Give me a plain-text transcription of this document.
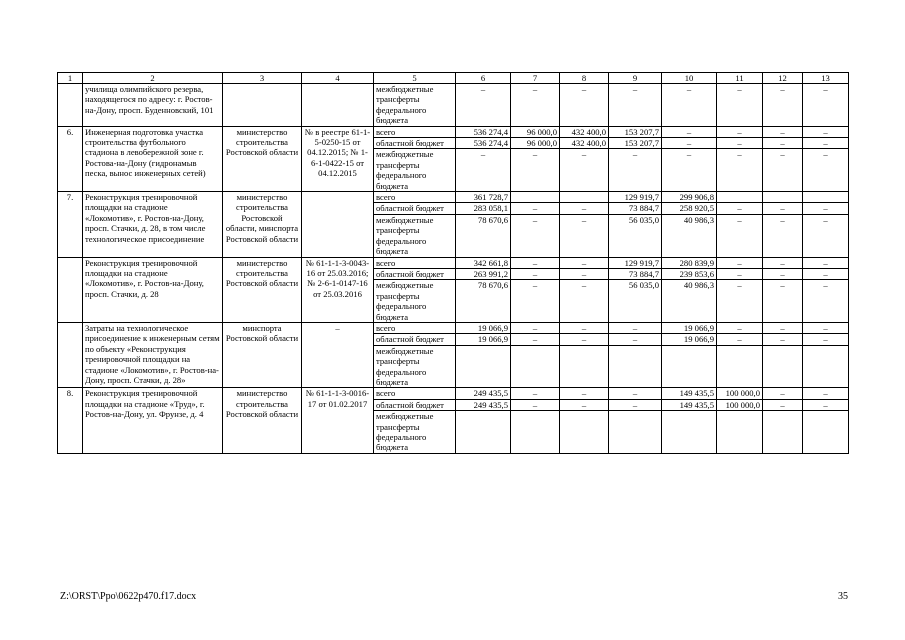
1	2	3	4	5	6	7	8	9	10	11	12	13
	училища олимпийского резерва, находящегося по адресу: г. Ростов-на-Дону, просп. Буденновский, 101			межбюджетные трансферты федерального бюджета	–	–	–	–	–	–	–	–
6.	Инженерная подготовка участка строительства футбольного стадиона в левобережной зоне г. Ростова-на-Дону (гидронамыв песка, вынос инженерных сетей)	министерство строительства Ростовской области	№ в реестре 61-1-5-0250-15 от 04.12.2015; № 1-6-1-0422-15 от 04.12.2015	всего	536 274,4	96 000,0	432 400,0	153 207,7	–	–	–	–
				областной бюджет	536 274,4	96 000,0	432 400,0	153 207,7	–	–	–	–
				межбюджетные трансферты федерального бюджета	–	–	–	–	–	–	–	–
7.	Реконструкция тренировочной площадки на стадионе «Локомотив», г. Ростов-на-Дону, просп. Стачки, д. 28, в том числе технологическое присоединение	министерство строительства Ростовской области, минспорта Ростовской области		всего	361 728,7			129 919,7	299 906,8			
				областной бюджет	283 058,1	–	–	73 884,7	258 920,5	–	–	–
				межбюджетные трансферты федерального бюджета	78 670,6	–	–	56 035,0	40 986,3	–	–	–
	Реконструкция тренировочной площадки на стадионе «Локомотив», г. Ростов-на-Дону, просп. Стачки, д. 28	министерство строительства Ростовской области	№ 61-1-1-3-0043-16 от 25.03.2016; № 2-6-1-0147-16 от 25.03.2016	всего	342 661,8	–	–	129 919,7	280 839,9	–	–	–
				областной бюджет	263 991,2	–	–	73 884,7	239 853,6	–	–	–
				межбюджетные трансферты федерального бюджета	78 670,6	–	–	56 035,0	40 986,3	–	–	–
	Затраты на технологическое присоединение к инженерным сетям по объекту «Реконструкция тренировочной площадки на стадионе «Локомотив», г. Ростов-на-Дону, просп. Стачки, д. 28»	минспорта Ростовской области	–	всего	19 066,9	–	–	–	19 066,9	–	–	–
				областной бюджет	19 066,9	–	–	–	19 066,9	–	–	–
				межбюджетные трансферты федерального бюджета								
8.	Реконструкция тренировочной площадки на стадионе «Труд», г. Ростов-на-Дону, ул. Фрунзе, д. 4	министерство строительства Ростовской области	№ 61-1-1-3-0016-17 от 01.02.2017	всего	249 435,5	–	–	–	149 435,5	100 000,0	–	–
				областной бюджет	249 435,5	–	–	–	149 435,5	100 000,0	–	–
				межбюджетные трансферты федерального бюджета								
Z:\ORST\Ppo\0622p470.f17.docx	35
